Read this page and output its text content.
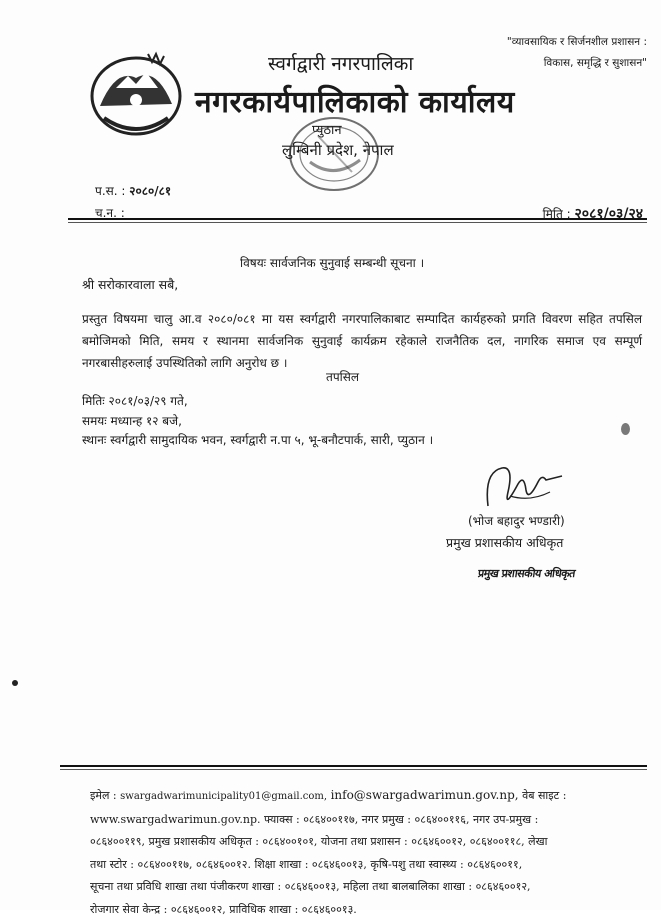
स्वर्गद्वारी नगरपालिका
नगरकार्यपालिकाको कार्यालय
प्युठान
लुम्बिनी प्रदेश, नेपाल
"व्यावसायिक र सिर्जनशील प्रशासन :
विकास, समृद्धि र सुशासन"
प.स. : २०८०/८१
च.न. :	मिति : २०८१/०३/२४
विषयः सार्वजनिक सुनुवाई सम्बन्धी सूचना ।
श्री सरोकारवाला सबै,
प्रस्तुत विषयमा चालु आ.व २०८०/०८१ मा यस स्वर्गद्वारी नगरपालिकाबाट सम्पादित कार्यहरुको प्रगति विवरण सहित तपसिल बमोजिमको मिति, समय र स्थानमा सार्वजनिक सुनुवाई कार्यक्रम रहेकाले राजनैतिक दल, नागरिक समाज एव सम्पूर्ण नगरबासीहरुलाई उपस्थितिको लागि अनुरोध छ ।
तपसिल
मितिः २०८१/०३/२९ गते,
समयः मध्यान्ह १२ बजे,
स्थानः स्वर्गद्वारी सामुदायिक भवन, स्वर्गद्वारी न.पा ५, भू-बनौटपार्क, सारी, प्युठान ।
(भोज बहादुर भण्डारी)
प्रमुख प्रशासकीय अधिकृत
प्रमुख प्रशासकीय अधिकृत
इमेल : swargadwarimunicipality01@gmail.com, info@swargadwarimun.gov.np, वेब साइट :
www.swargadwarimun.gov.np. फ्याक्स : ०८६४००११७, नगर प्रमुख : ०८६४००११६, नगर उप-प्रमुख :
०८६४००११९, प्रमुख प्रशासकीय अधिकृत : ०८६४००१०१, योजना तथा प्रशासन : ०८६४६००१२, ०८६४००११८, लेखा
तथा स्टोर : ०८६४००११७, ०८६४६००१२. शिक्षा शाखा : ०८६४६००१३, कृषि-पशु तथा स्वास्थ्य : ०८६४६००११,
सूचना तथा प्रविधि शाखा तथा पंजीकरण शाखा : ०८६४६००१३, महिला तथा बालबालिका शाखा : ०८६४६००१२,
रोजगार सेवा केन्द्र : ०८६४६००१२, प्राविधिक शाखा : ०८६४६००१३.
